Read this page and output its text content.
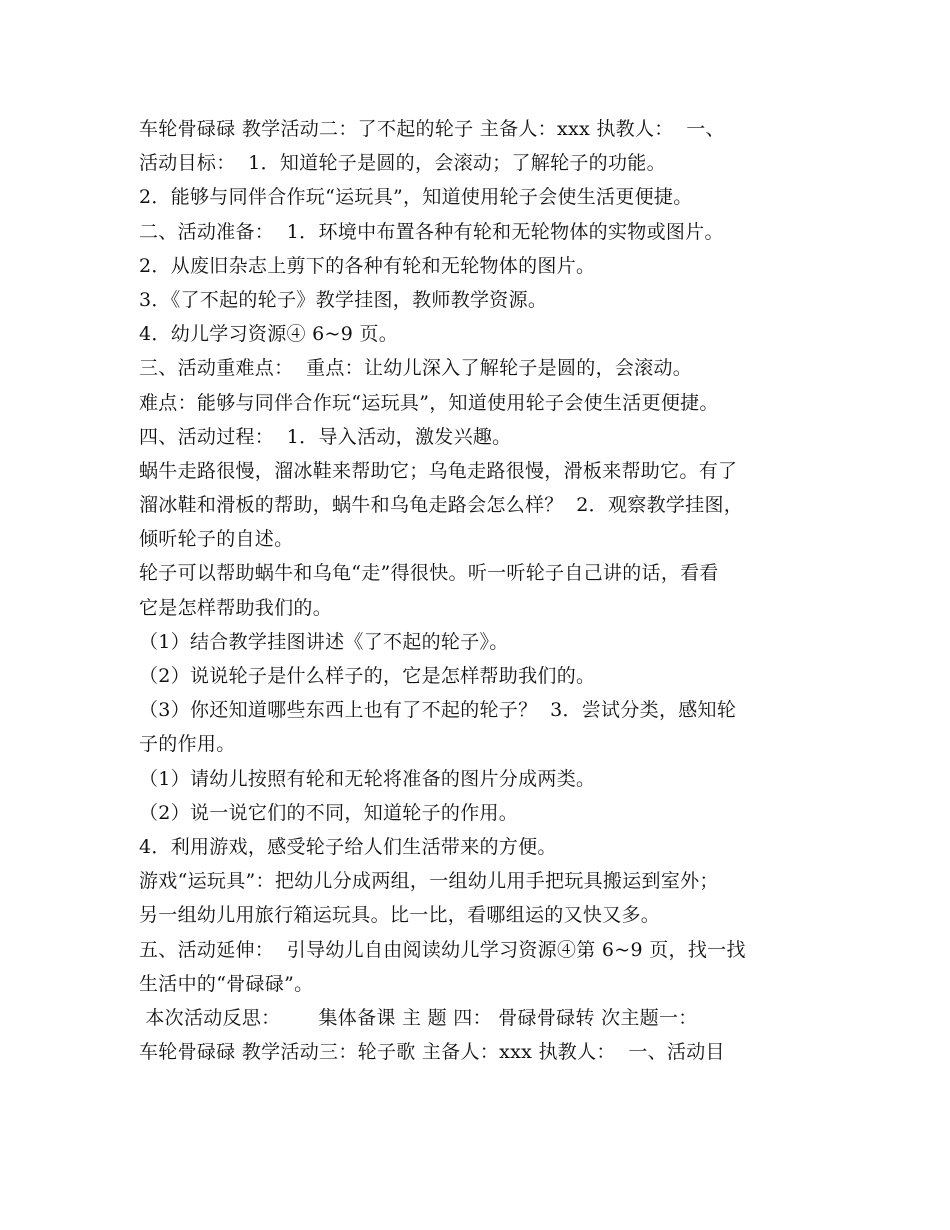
车轮骨碌碌 教学活动二：了不起的轮子 主备人：xxx 执教人：  一、
活动目标：  1．知道轮子是圆的，会滚动；了解轮子的功能。
2．能够与同伴合作玩“运玩具”，知道使用轮子会使生活更便捷。
二、活动准备：  1．环境中布置各种有轮和无轮物体的实物或图片。
2．从废旧杂志上剪下的各种有轮和无轮物体的图片。
3．《了不起的轮子》教学挂图，教师教学资源。
4．幼儿学习资源④ 6~9 页。
三、活动重难点：  重点：让幼儿深入了解轮子是圆的，会滚动。
难点：能够与同伴合作玩“运玩具”，知道使用轮子会使生活更便捷。
四、活动过程：  1．导入活动，激发兴趣。
蜗牛走路很慢，溜冰鞋来帮助它；乌龟走路很慢，滑板来帮助它。有了
溜冰鞋和滑板的帮助，蜗牛和乌龟走路会怎么样？  2．观察教学挂图，
倾听轮子的自述。
轮子可以帮助蜗牛和乌龟“走”得很快。听一听轮子自己讲的话，看看
它是怎样帮助我们的。
（1）结合教学挂图讲述《了不起的轮子》。
（2）说说轮子是什么样子的，它是怎样帮助我们的。
（3）你还知道哪些东西上也有了不起的轮子？  3．尝试分类，感知轮
子的作用。
（1）请幼儿按照有轮和无轮将准备的图片分成两类。
（2）说一说它们的不同，知道轮子的作用。
4．利用游戏，感受轮子给人们生活带来的方便。
游戏“运玩具”：把幼儿分成两组，一组幼儿用手把玩具搬运到室外；
另一组幼儿用旅行箱运玩具。比一比，看哪组运的又快又多。
五、活动延伸：  引导幼儿自由阅读幼儿学习资源④第 6~9 页，找一找
生活中的“骨碌碌”。
本次活动反思：      集体备课 主 题 四： 骨碌骨碌转 次主题一：
车轮骨碌碌 教学活动三：轮子歌 主备人：xxx 执教人：  一、活动目
